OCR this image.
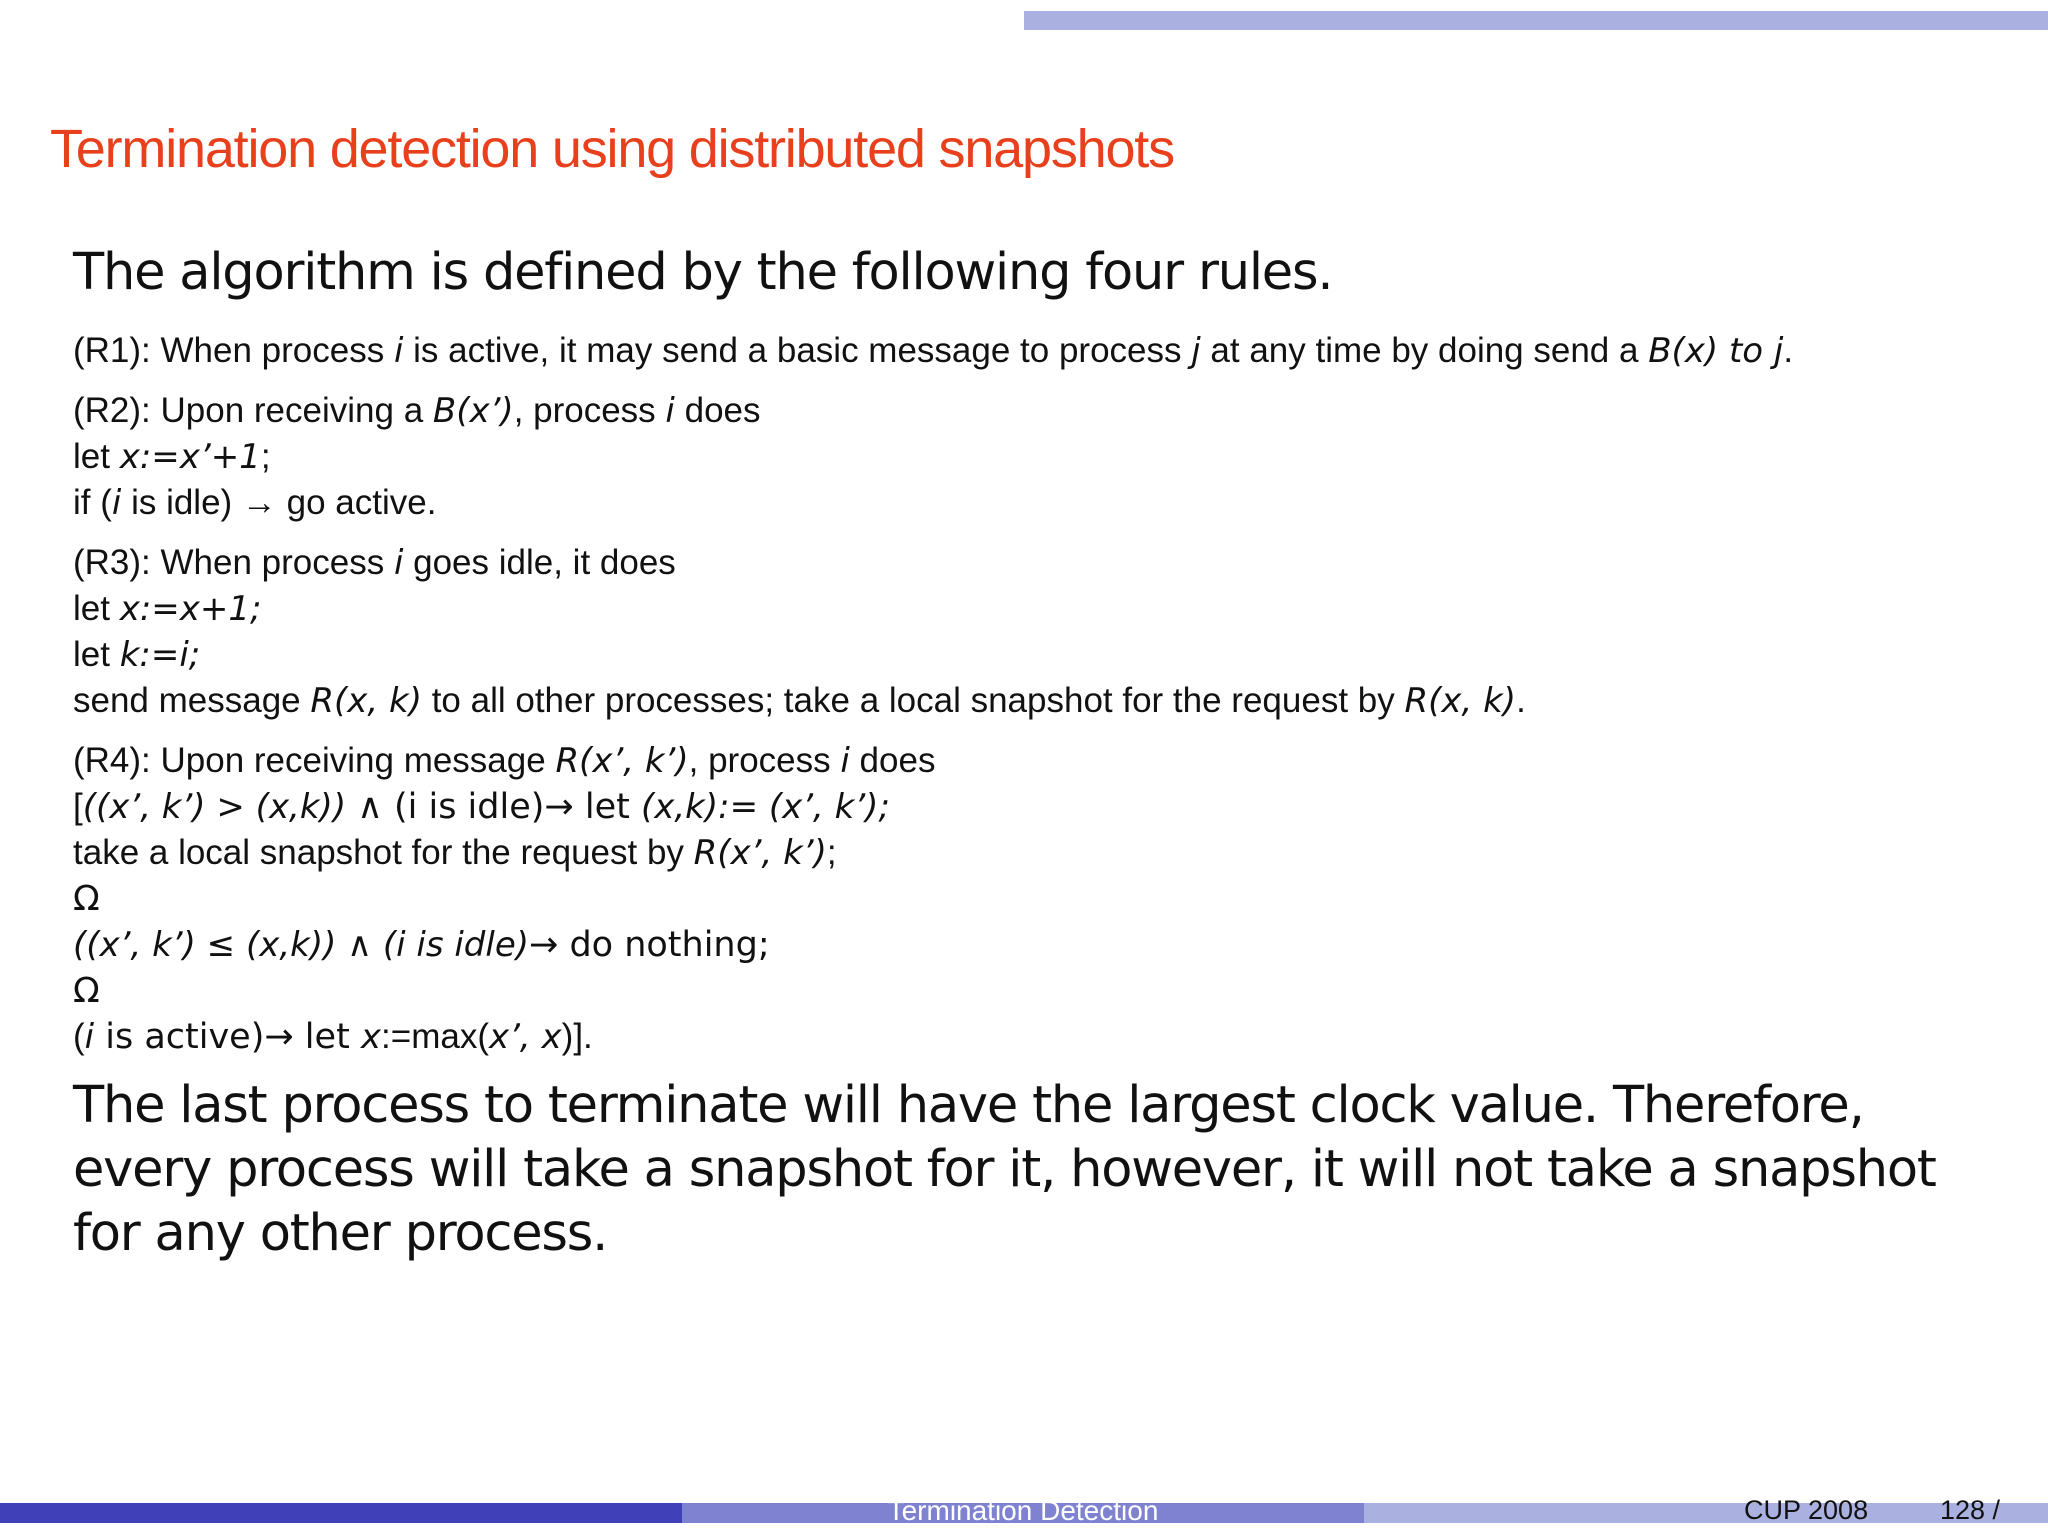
Termination detection using distributed snapshots

The algorithm is defined by the following four rules.

(R1): When process i is active, it may send a basic message to process j at any time by doing send a B(x) to j.
(R2): Upon receiving a B(x’), process i does
let x:=x’+1;
if (i is idle) → go active.
(R3): When process i goes idle, it does
let x:=x+1;
let k:=i;
send message R(x, k) to all other processes; take a local snapshot for the request by R(x, k).
(R4): Upon receiving message R(x’, k’), process i does
[((x’, k’) > (x,k)) ∧ (i is idle)→ let (x,k):= (x’, k’);
take a local snapshot for the request by R(x’, k’);
Ω
((x’, k’) ≤ (x,k)) ∧ (i is idle)→ do nothing;
Ω
(i is active)→ let x:=max(x’, x)].
The last process to terminate will have the largest clock value. Therefore, every process will take a snapshot for it, however, it will not take a snapshot for any other process.
Termination Detection	CUP 2008	128 /
